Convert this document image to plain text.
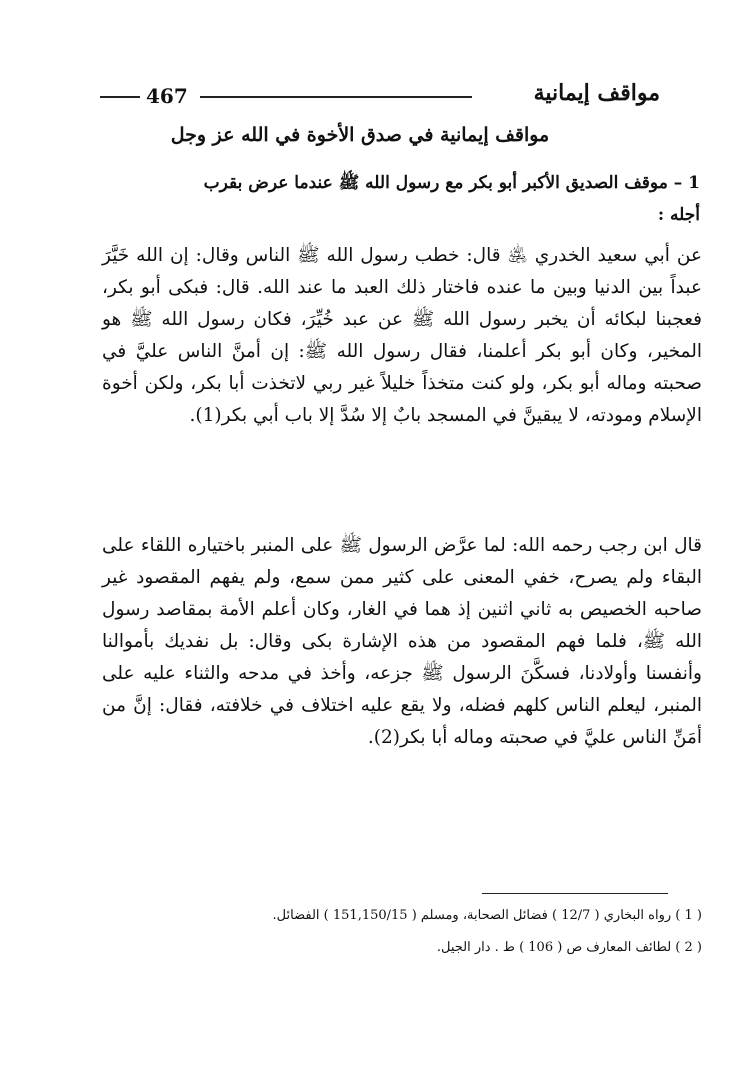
467	مواقف إيمانية
مواقف إيمانية في صدق الأخوة في الله عز وجل
1 – موقف الصديق الأكبر أبو بكر مع رسول الله ﷺ عندما عرض بقرب
أجله :
عن أبي سعيد الخدري ﵁ قال: خطب رسول الله ﷺ الناس وقال: إن الله خَيَّرَ عبداً بين الدنيا وبين ما عنده فاختار ذلك العبد ما عند الله. قال: فبكى أبو بكر، فعجبنا لبكائه أن يخبر رسول الله ﷺ عن عبد خُيِّرَ، فكان رسول الله ﷺ هو المخير، وكان أبو بكر أعلمنا، فقال رسول الله ﷺ: إن أمنَّ الناس عليَّ في صحبته وماله أبو بكر، ولو كنت متخذاً خليلاً غير ربي لاتخذت أبا بكر، ولكن أخوة الإسلام ومودته، لا يبقينَّ في المسجد بابٌ إلا سُدَّ إلا باب أبي بكر(1).
قال ابن رجب رحمه الله: لما عرَّض الرسول ﷺ على المنبر باختياره اللقاء على البقاء ولم يصرح، خفي المعنى على كثير ممن سمع، ولم يفهم المقصود غير صاحبه الخصيص به ثاني اثنين إذ هما في الغار، وكان أعلم الأمة بمقاصد رسول الله ﷺ، فلما فهم المقصود من هذه الإشارة بكى وقال: بل نفديك بأموالنا وأنفسنا وأولادنا، فسكَّنَ الرسول ﷺ جزعه، وأخذ في مدحه والثناء عليه على المنبر، ليعلم الناس كلهم فضله، ولا يقع عليه اختلاف في خلافته، فقال: إنَّ من أمَنِّ الناس عليَّ في صحبته وماله أبا بكر(2).
( 1 ) رواه البخاري ( 12/7 ) فضائل الصحابة، ومسلم ( 151,150/15 ) الفضائل.
( 2 ) لطائف المعارف ص ( 106 ) ط . دار الجيل.
